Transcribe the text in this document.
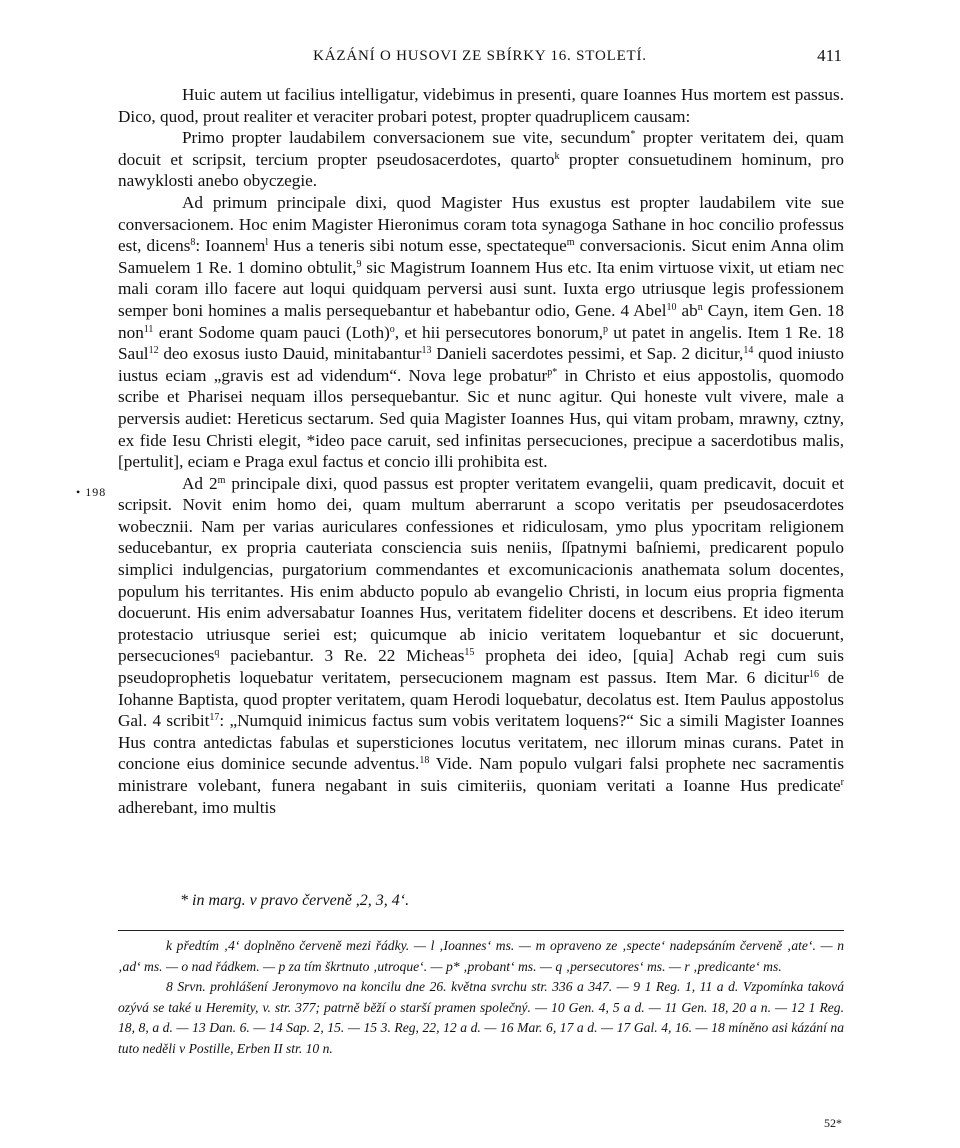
KÁZÁNÍ O HUSOVI ZE SBÍRKY 16. STOLETÍ.	411

Huic autem ut facilius intelligatur, videbimus in presenti, quare Ioannes Hus mortem est passus. Dico, quod, prout realiter et veraciter probari potest, propter quadruplicem causam:

Primo propter laudabilem conversacionem sue vite, secundum* propter veritatem dei, quam docuit et scripsit, tercium propter pseudosacerdotes, quarto$^k$ propter consuetudinem hominum, pro nawyklosti anebo obyczegie.

Ad primum principale dixi, quod Magister Hus exustus est propter laudabilem vite sue conversacionem. Hoc enim Magister Hieronimus coram tota synagoga Sathane in hoc concilio professus est, dicens$^8$: Ioannem$^l$ Hus a teneris sibi notum esse, spectateque$^m$ conversacionis. Sicut enim Anna olim Samuelem 1 Re. 1 domino obtulit,$^9$ sic Magistrum Ioannem Hus etc. Ita enim virtuose vixit, ut etiam nec mali coram illo facere aut loqui quidquam perversi ausi sunt. Iuxta ergo utriusque legis professionem semper boni homines a malis persequebantur et habebantur odio, Gene. 4 Abel$^{10}$ $ab^n$ Cayn, item Gen. 18 non$^{11}$ erant Sodome quam pauci (Loth)$^o$, et hii persecutores bonorum,$^p$ ut patet in angelis. Item 1 Re. 18 Saul$^{12}$ deo exosus iusto Dauid, minitabantur$^{13}$ Danieli sacerdotes pessimi, et Sap. 2 dicitur,$^{14}$ quod iniusto iustus eciam „gravis est ad videndum“. Nova lege probatur$^{p*}$ in Christo et eius appostolis, quomodo scribe et Pharisei nequam illos persequebantur. Sic et nunc agitur. Qui honeste vult vivere, male a perversis audiet: Hereticus sectarum. Sed quia Magister Ioannes Hus, qui vitam probam, mrawny, cztny, ex fide Iesu Christi elegit, *ideo pace caruit, sed infinitas persecuciones, precipue a sacerdotibus malis, [pertulit], eciam e Praga exul factus et concio illi prohibita est.

Ad 2$^m$ principale dixi, quod passus est propter veritatem evangelii, quam predicavit, docuit et scripsit. Novit enim homo dei, quam multum aberrarunt a scopo veritatis per pseudosacerdotes wobecznii. Nam per varias auriculares confessiones et ridiculosam, ymo plus ypocritam religionem seducebantur, ex propria cauteriata consciencia suis neniis, ſſpatnymi baſniemi, predicarent populo simplici indulgencias, purgatorium commendantes et excomunicacionis anathemata solum docentes, populum his territantes. His enim abducto populo ab evangelio Christi, in locum eius propria figmenta docuerunt. His enim adversabatur Ioannes Hus, veritatem fideliter docens et describens. Et ideo iterum protestacio utriusque seriei est; quicumque ab inicio veritatem loquebantur et sic docuerunt, persecuciones$^q$ paciebantur. 3 Re. 22 Micheas$^{15}$ propheta dei ideo, [quia] Achab regi cum suis pseudoprophetis loquebatur veritatem, persecucionem magnam est passus. Item Mar. 6 dicitur$^{16}$ de Iohanne Baptista, quod propter veritatem, quam Herodi loquebatur, decolatus est. Item Paulus appostolus Gal. 4 scribit$^{17}$: „Numquid inimicus factus sum vobis veritatem loquens?“ Sic a simili Magister Ioannes Hus contra antedictas fabulas et supersticiones locutus veritatem, nec illorum minas curans. Patet in concione eius dominice secunde adventus.$^{18}$ Vide. Nam populo vulgari falsi prophete nec sacramentis ministrare volebant, funera negabant in suis cimiteriis, quoniam veritati a Ioanne Hus predicate$^r$ adherebant, imo multis

• 198
* in marg. v pravo červeně ,2, 3, 4‘.

k předtím ‚4‘ doplněno červeně mezi řádky. — l ‚Ioannes‘ ms. — m opraveno ze ‚specte‘ nadepsáním červeně ‚ate‘. — n ‚ad‘ ms. — o nad řádkem. — p za tím škrtnuto ‚utroque‘. — p* ‚probant‘ ms. — q ‚persecutores‘ ms. — r ‚predicante‘ ms.

8 Srvn. prohlášení Jeronymovo na koncilu dne 26. května svrchu str. 336 a 347. — 9 1 Reg. 1, 11 a d. Vzpomínka taková ozývá se také u Heremity, v. str. 377; patrně běží o starší pramen společný. — 10 Gen. 4, 5 a d. — 11 Gen. 18, 20 a n. — 12 1 Reg. 18, 8, a d. — 13 Dan. 6. — 14 Sap. 2, 15. — 15 3. Reg, 22, 12 a d. — 16 Mar. 6, 17 a d. — 17 Gal. 4, 16. — 18 míněno asi kázání na tuto neděli v Postille, Erben II str. 10 n.

52*
